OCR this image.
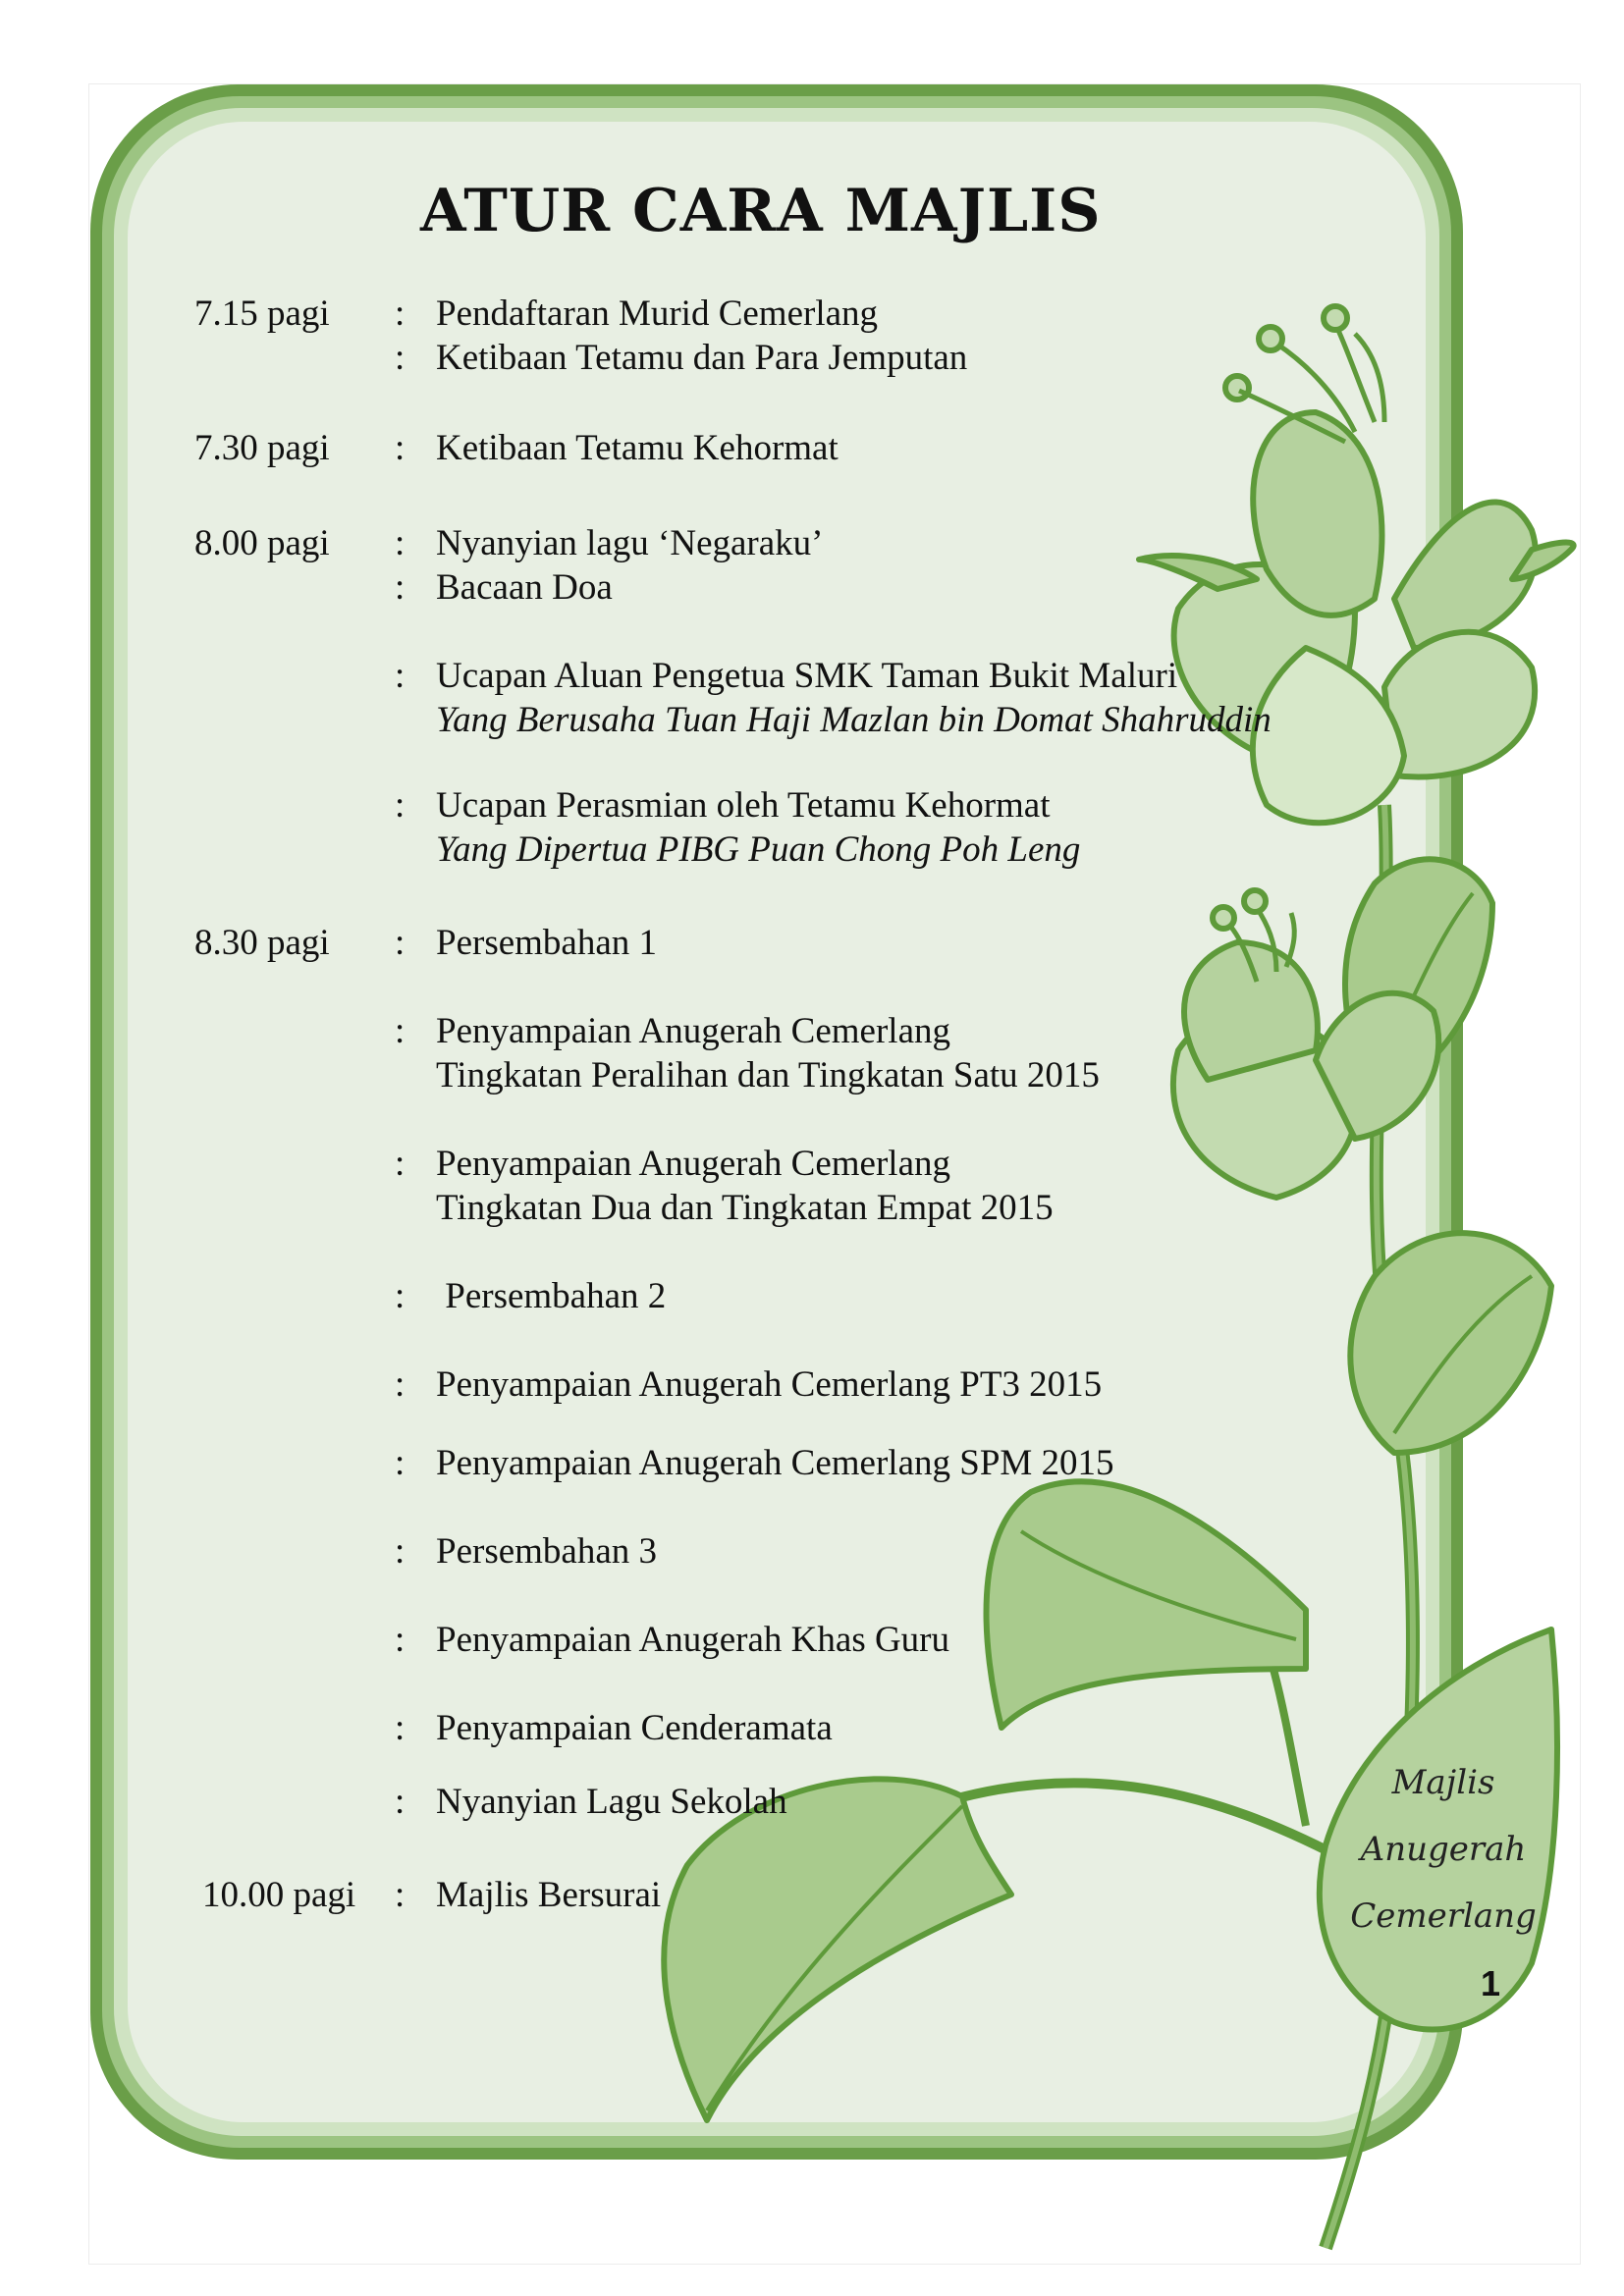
ATUR CARA MAJLIS
7.15 pagi : Pendaftaran Murid Cemerlang
: Ketibaan Tetamu dan Para Jemputan
7.30 pagi : Ketibaan Tetamu Kehormat
8.00 pagi : Nyanyian lagu ‘Negaraku’
: Bacaan Doa
: Ucapan Aluan Pengetua SMK Taman Bukit Maluri
Yang Berusaha Tuan Haji Mazlan bin Domat Shahruddin
: Ucapan Perasmian oleh Tetamu Kehormat
Yang Dipertua PIBG Puan Chong Poh Leng
8.30 pagi : Persembahan 1
: Penyampaian Anugerah Cemerlang
Tingkatan Peralihan dan Tingkatan Satu 2015
: Penyampaian Anugerah Cemerlang
Tingkatan Dua dan Tingkatan Empat 2015
: Persembahan 2
: Penyampaian Anugerah Cemerlang PT3 2015
: Penyampaian Anugerah Cemerlang SPM 2015
: Persembahan 3
: Penyampaian Anugerah Khas Guru
: Penyampaian Cenderamata
: Nyanyian Lagu Sekolah
10.00 pagi : Majlis Bersurai
Majlis
Anugerah
Cemerlang
1
